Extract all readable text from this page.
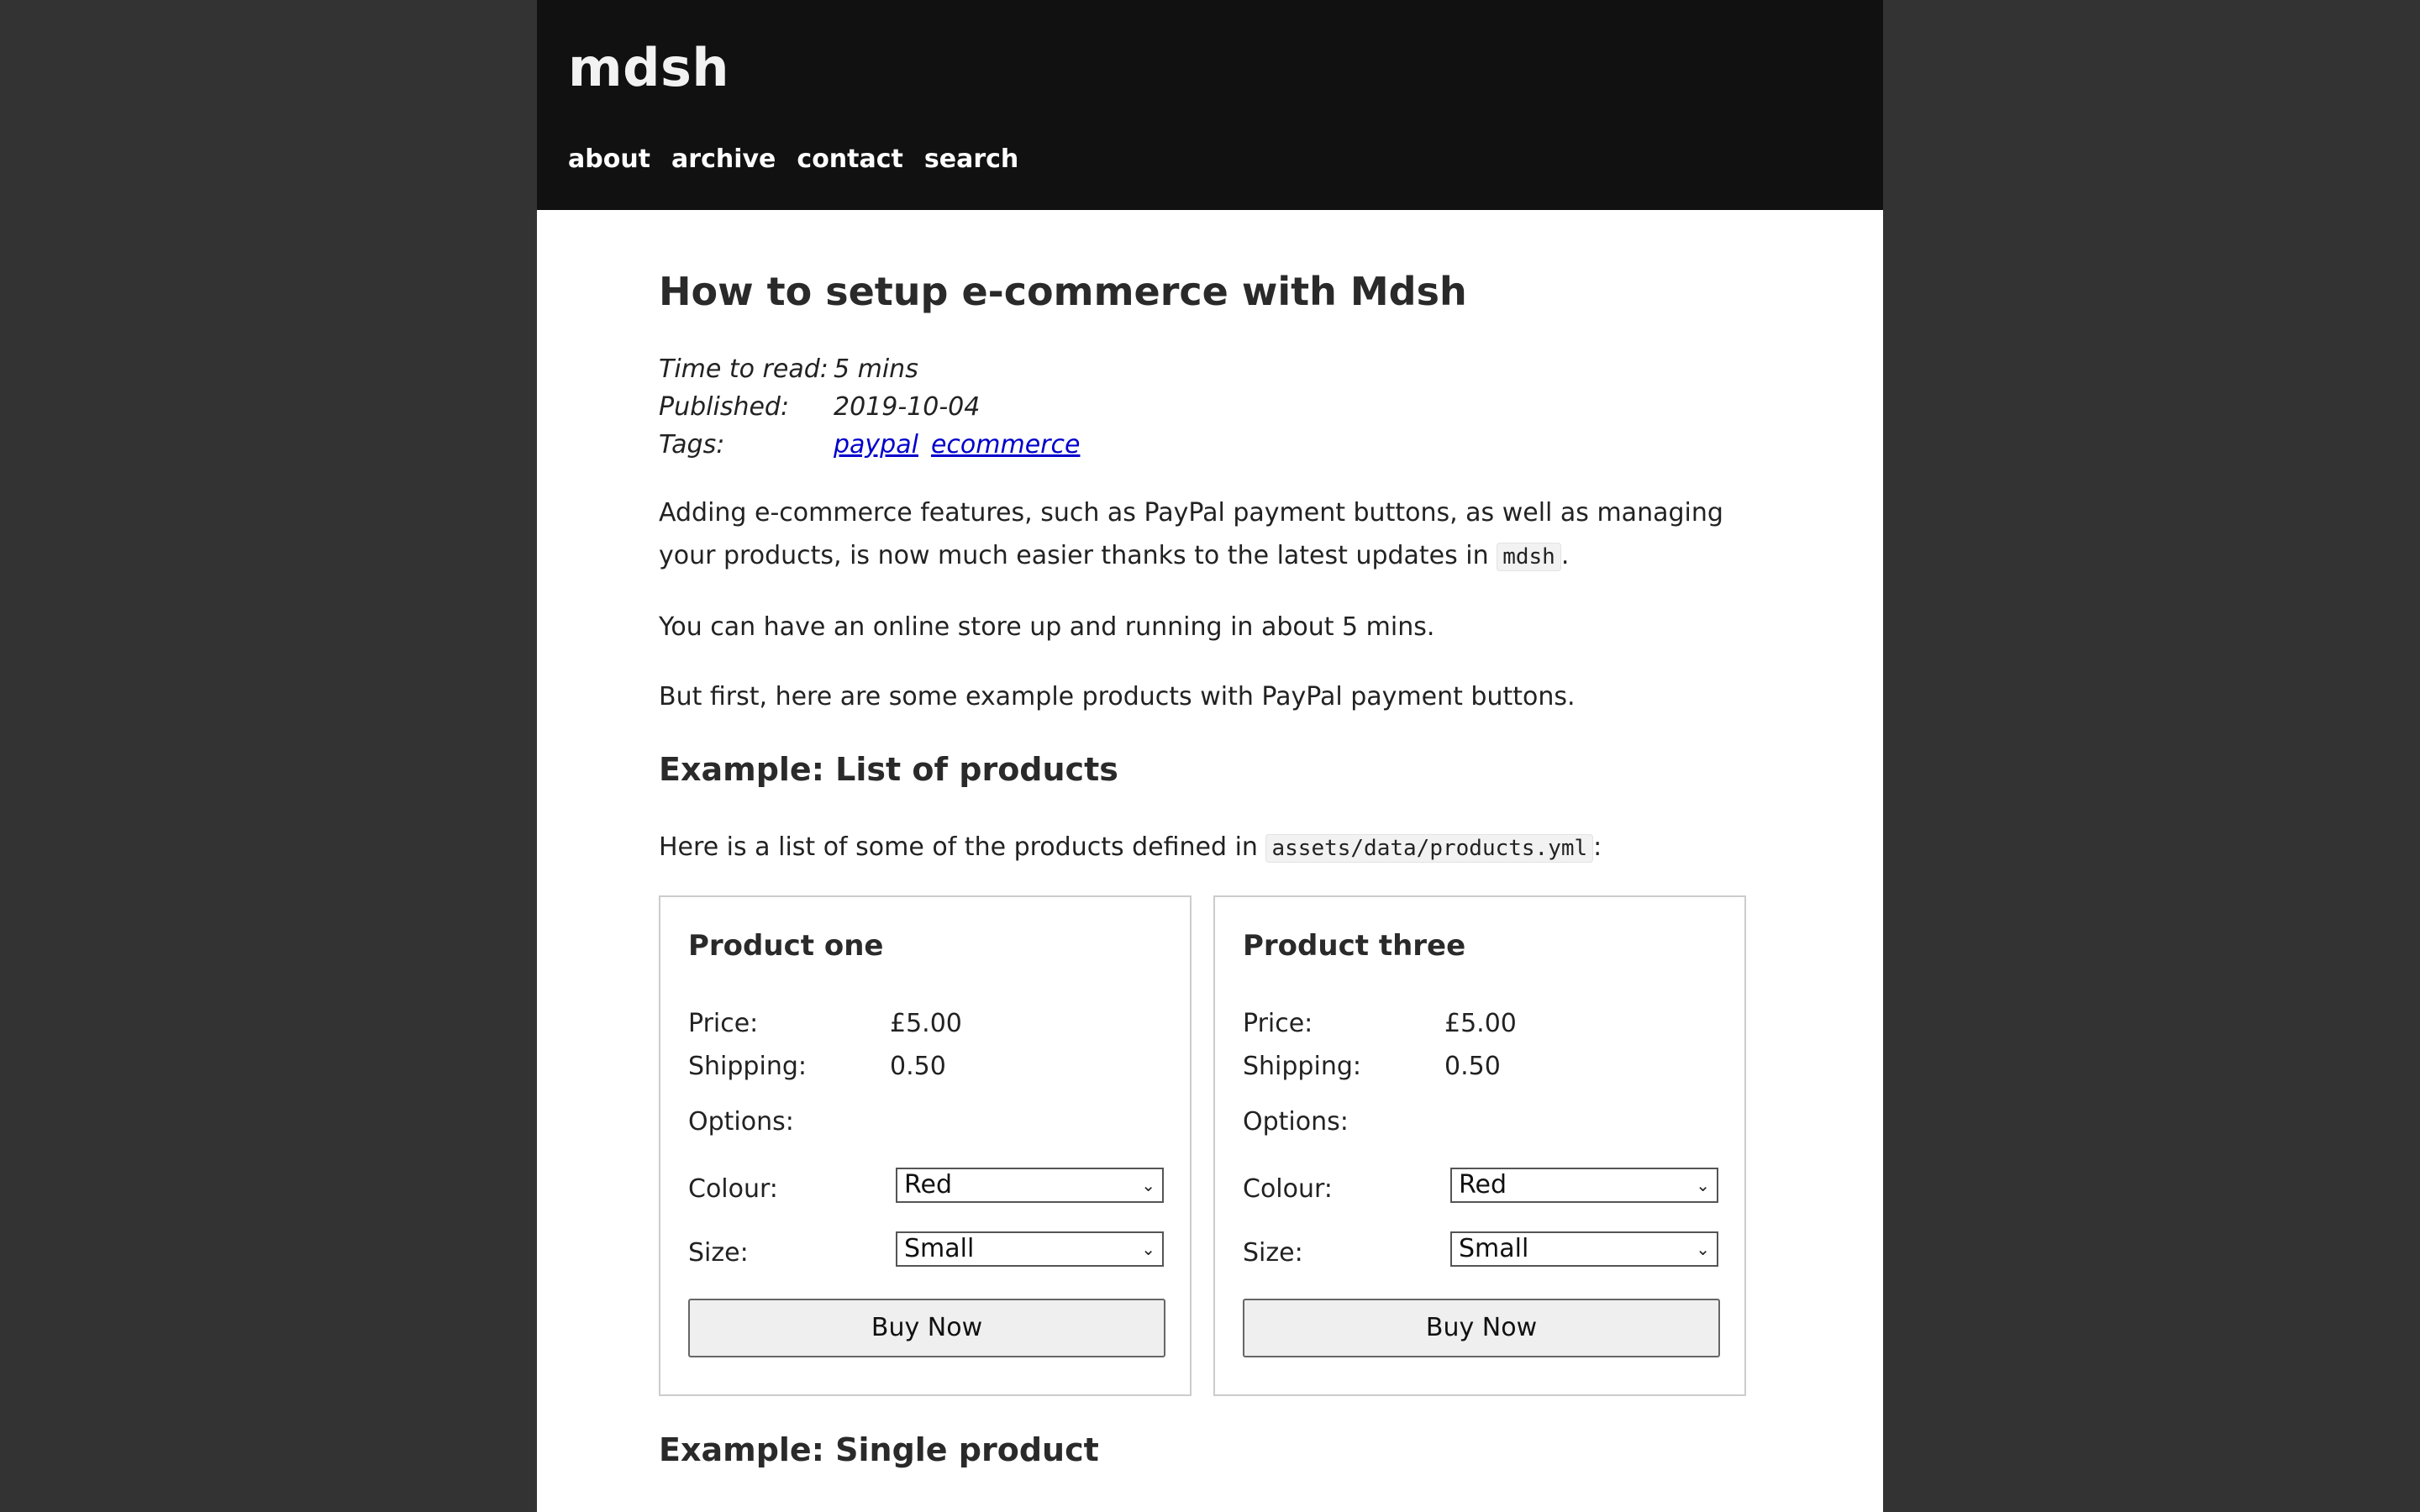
mdsh
about archive contact search
How to setup e-commerce with Mdsh
Time to read: 5 mins
Published:	2019-10-04
Tags:	paypal ecommerce

Adding e-commerce features, such as PayPal payment buttons, as well as managing your products, is now much easier thanks to the latest updates in mdsh .

You can have an online store up and running in about 5 mins.

But first, here are some example products with PayPal payment buttons.

Example: List of products

Here is a list of some of the products defined in assets/data/products.yml :

Product one
Price:	£5.00
Shipping:	0.50
Options:
Colour:	Red	⌄
Size:	Small	⌄
Buy Now
Product three
Price:	£5.00
Shipping:	0.50
Options:
Colour:	Red	⌄
Size:	Small	⌄
Buy Now
Example: Single product
